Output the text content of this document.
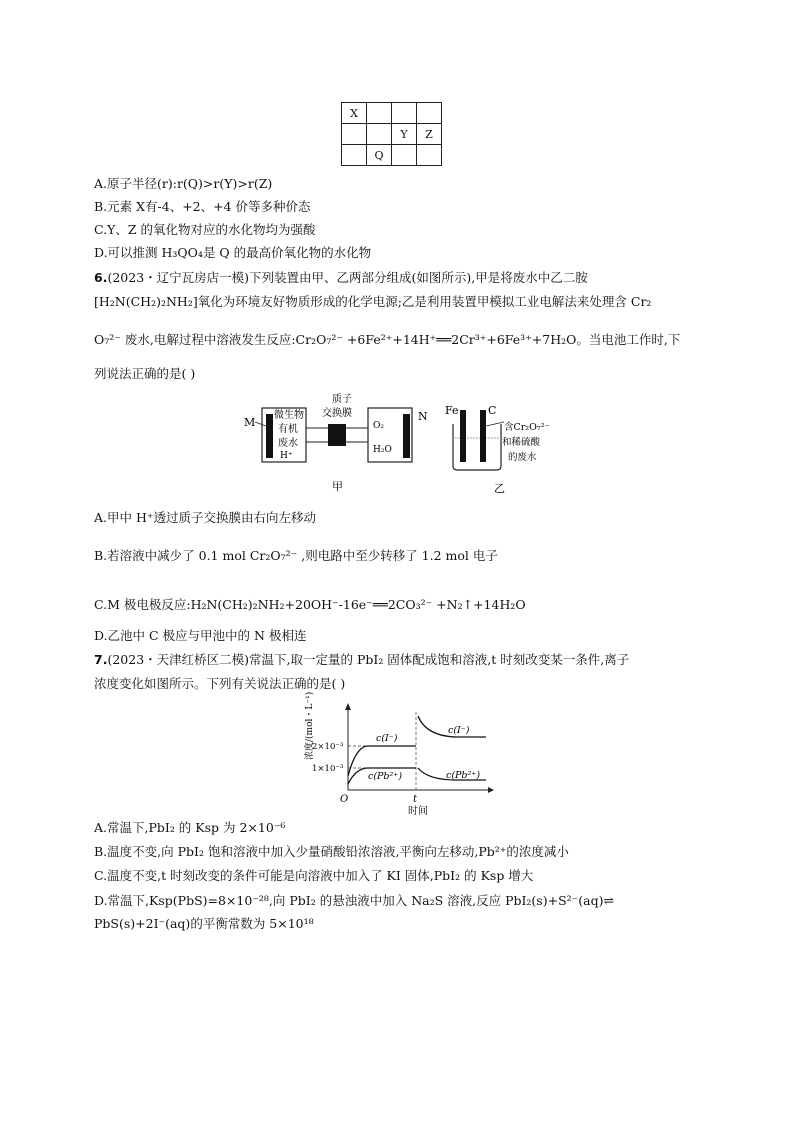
X			
		Y	Z
	Q		
A.原子半径(r):r(Q)>r(Y)>r(Z)
B.元素 X有-4、+2、+4 价等多种价态
C.Y、Z 的氧化物对应的水化物均为强酸
D.可以推测 H₃QO₄是 Q 的最高价氧化物的水化物
6.(2023・辽宁瓦房店一模)下列装置由甲、乙两部分组成(如图所示),甲是将废水中乙二胺
[H₂N(CH₂)₂NH₂]氧化为环境友好物质形成的化学电源;乙是利用装置甲模拟工业电解法来处理含 Cr₂
O₇²⁻ 废水,电解过程中溶液发生反应:Cr₂O₇²⁻ +6Fe²⁺+14H⁺══2Cr³⁺+6Fe³⁺+7H₂O。当电池工作时,下
列说法正确的是( )
M	N
质子
交换膜
微生物
有机
废水
H⁺
O₂
H₂O
Fe	C
含Cr₂O₇²⁻
和稀硫酸
的废水
甲	乙
A.甲中 H⁺透过质子交换膜由右向左移动
B.若溶液中减少了 0.1 mol Cr₂O₇²⁻ ,则电路中至少转移了 1.2 mol 电子
C.M 极电极反应:H₂N(CH₂)₂NH₂+20OH⁻-16e⁻══2CO₃²⁻ +N₂↑+14H₂O
D.乙池中 C 极应与甲池中的 N 极相连
7.(2023・天津红桥区二模)常温下,取一定量的 PbI₂ 固体配成饱和溶液,t 时刻改变某一条件,离子
浓度变化如图所示。下列有关说法正确的是( )
浓度/(mol・L⁻¹)
2×10⁻³
1×10⁻³
c(I⁻)
c(Pb²⁺)
c(I⁻)
c(Pb²⁺)
O	t
时间
A.常温下,PbI₂ 的 Ksp 为 2×10⁻⁶
B.温度不变,向 PbI₂ 饱和溶液中加入少量硝酸铅浓溶液,平衡向左移动,Pb²⁺的浓度减小
C.温度不变,t 时刻改变的条件可能是向溶液中加入了 KI 固体,PbI₂ 的 Ksp 增大
D.常温下,Ksp(PbS)=8×10⁻²⁸,向 PbI₂ 的悬浊液中加入 Na₂S 溶液,反应 PbI₂(s)+S²⁻(aq)⇌
PbS(s)+2I⁻(aq)的平衡常数为 5×10¹⁸
